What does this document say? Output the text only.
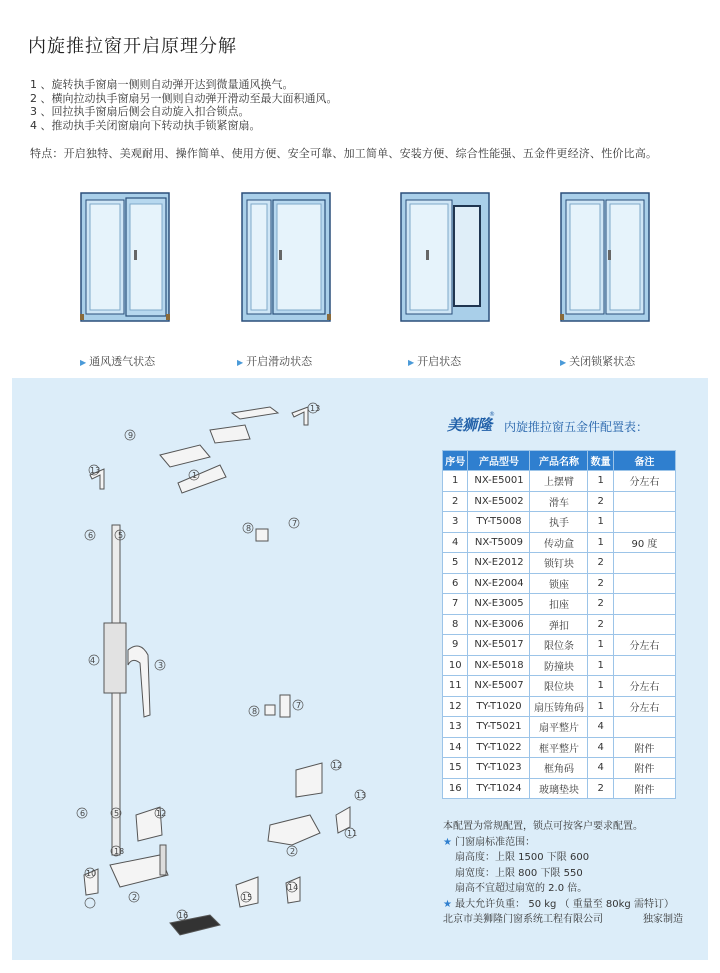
内旋推拉窗开启原理分解
1 、旋转执手窗扇一侧则自动弹开达到微量通风换气。
2 、横向拉动执手窗扇另一侧则自动弹开滑动至最大面积通风。
3 、回拉执手窗扇后侧会自动旋入扣合锁点。
4 、推动执手关闭窗扇向下转动执手锁紧窗扇。
特点：开启独特、美观耐用、操作简单、使用方便、安全可靠、加工简单、安装方便、综合性能强、五金件更经济、性价比高。
▶ 通风透气状态	▶ 开启滑动状态	▶ 开启状态	▶ 关闭锁紧状态
13
9
13
1
8
7
6	5
4
3
8
7
12
13
11
2
6	5	12
13
2
10
15
14
16
美狮隆
®
内旋推拉窗五金件配置表：
序号	产品型号	产品名称	数量	备注
1	NX-E5001	上摆臂	1	分左右
2	NX-E5002	滑车	2	
3	TY-T5008	执手	1	
4	NX-T5009	传动盒	1	90 度
5	NX-E2012	锁钉块	2	
6	NX-E2004	锁座	2	
7	NX-E3005	扣座	2	
8	NX-E3006	弹扣	2	
9	NX-E5017	限位条	1	分左右
10	NX-E5018	防撞块	1	
11	NX-E5007	限位块	1	分左右
12	TY-T1020	扇压铸角码	1	分左右
13	TY-T5021	扇平整片	4	
14	TY-T1022	框平整片	4	附件
15	TY-T1023	框角码	4	附件
16	TY-T1024	玻璃垫块	2	附件
本配置为常规配置，锁点可按客户要求配置。
★ 门窗扇标准范围：
扇高度：上限 1500 下限 600
扇宽度：上限 800 下限 550
扇高不宜超过扇宽的 2.0 倍。
★ 最大允许负重： 50 kg （ 重量至 80kg 需特订）
北京市美狮隆门窗系统工程有限公司	独家制造
